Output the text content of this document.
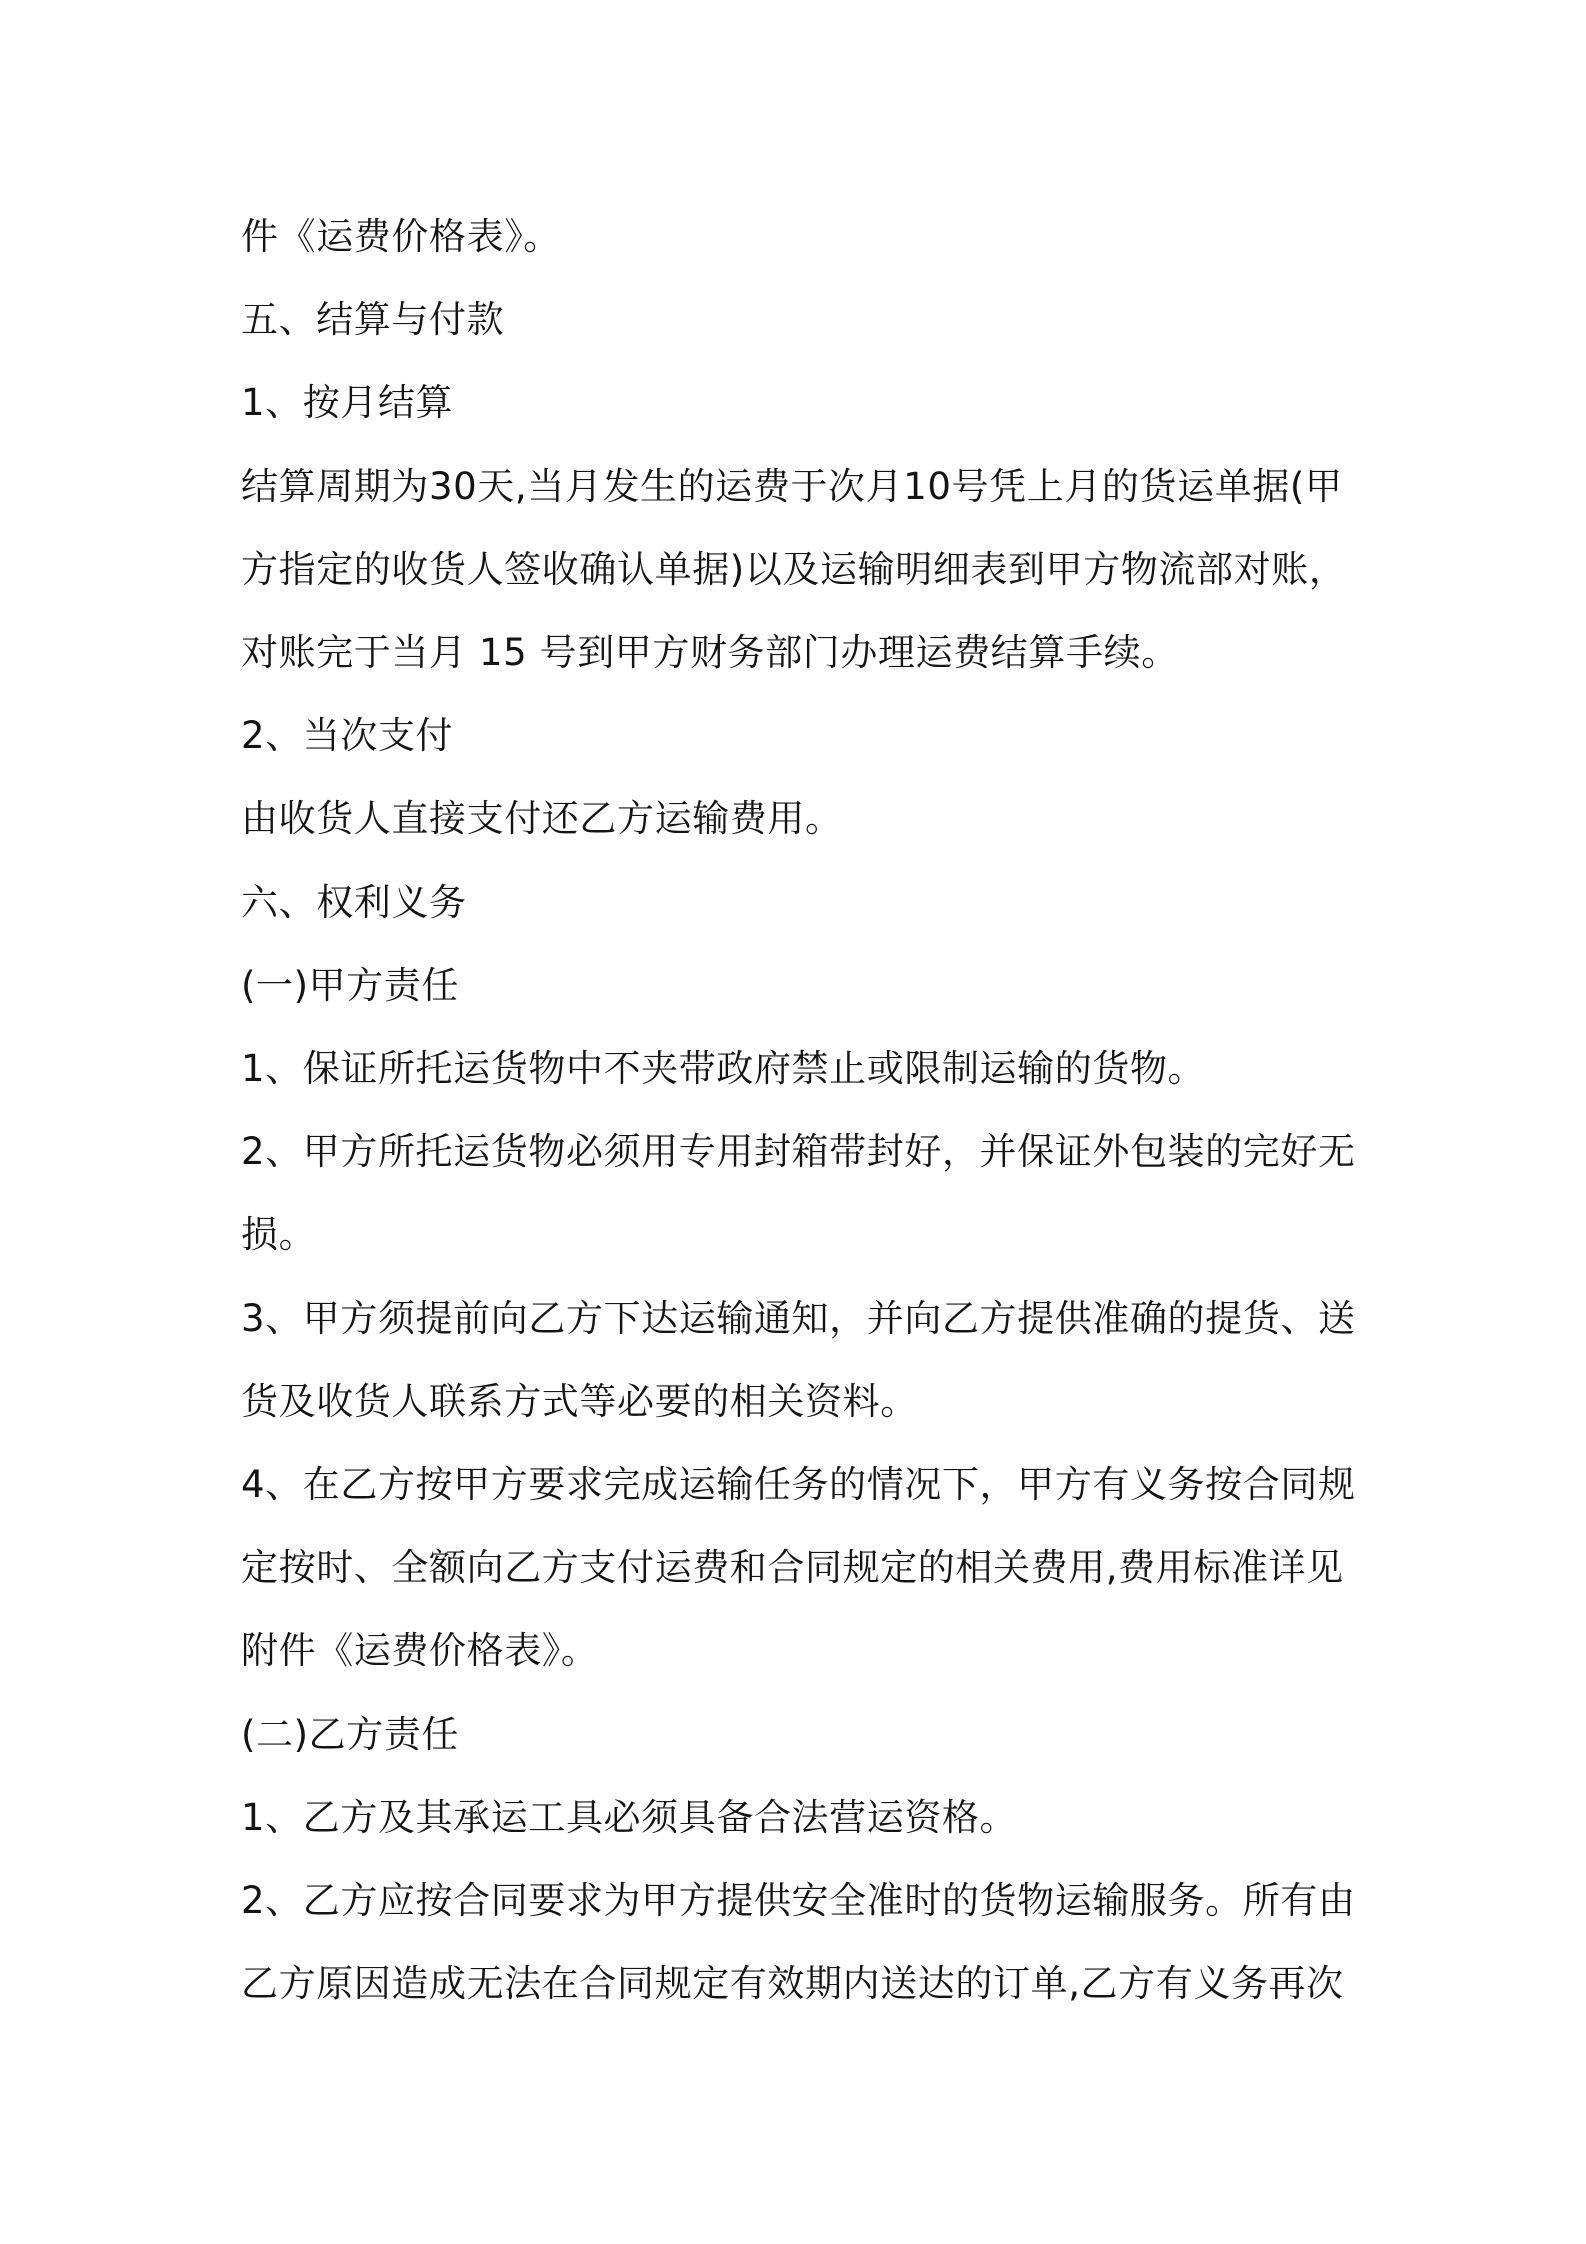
件《运费价格表》。

五、结算与付款

1、按月结算

结算周期为30天,当月发生的运费于次月10号凭上月的货运单据(甲

方指定的收货人签收确认单据)以及运输明细表到甲方物流部对账，

对账完于当月 15 号到甲方财务部门办理运费结算手续。

2、当次支付

由收货人直接支付还乙方运输费用。

六、权利义务

(一)甲方责任

1、保证所托运货物中不夹带政府禁止或限制运输的货物。

2、甲方所托运货物必须用专用封箱带封好，并保证外包装的完好无

损。

3、甲方须提前向乙方下达运输通知，并向乙方提供准确的提货、送

货及收货人联系方式等必要的相关资料。

4、在乙方按甲方要求完成运输任务的情况下，甲方有义务按合同规

定按时、全额向乙方支付运费和合同规定的相关费用,费用标准详见

附件《运费价格表》。

(二)乙方责任

1、乙方及其承运工具必须具备合法营运资格。

2、乙方应按合同要求为甲方提供安全准时的货物运输服务。所有由

乙方原因造成无法在合同规定有效期内送达的订单,乙方有义务再次
